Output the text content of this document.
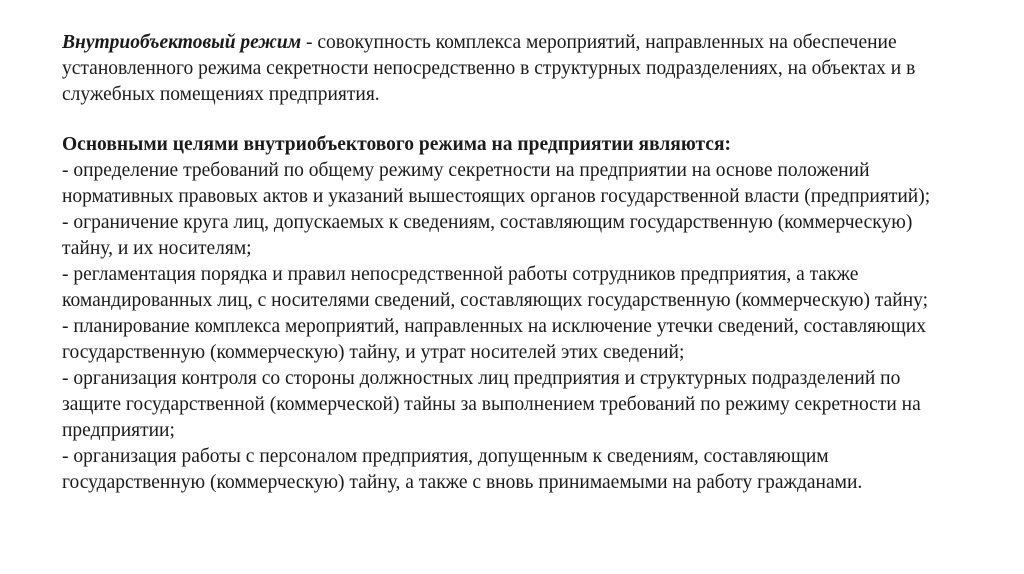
Внутриобъектовый режим - совокупность комплекса мероприятий, направленных на обеспечение установленного режима секретности непосредственно в структурных подразделениях, на объектах и в служебных помещениях предприятия.

Основными целями внутриобъектового режима на предприятии являются:
- определение требований по общему режиму секретности на предприятии на основе положений нормативных правовых актов и указаний вышестоящих органов государственной власти (предприятий);
- ограничение круга лиц, допускаемых к сведениям, составляющим государственную (коммерческую) тайну, и их носителям;
- регламентация порядка и правил непосредственной работы сотрудников предприятия, а также командированных лиц, с носителями сведений, составляющих государственную (коммерческую) тайну;
- планирование комплекса мероприятий, направленных на исключение утечки сведений, составляющих государственную (коммерческую) тайну, и утрат носителей этих сведений;
- организация контроля со стороны должностных лиц предприятия и структурных подразделений по защите государственной (коммерческой) тайны за выполнением требований по режиму секретности на предприятии;
- организация работы с персоналом предприятия, допущенным к сведениям, составляющим государственную (коммерческую) тайну, а также с вновь принимаемыми на работу гражданами.
